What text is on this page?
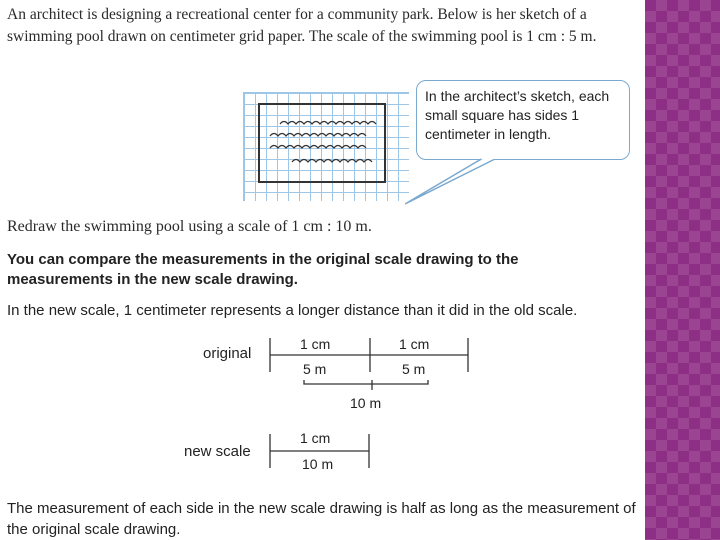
An architect is designing a recreational center for a community park. Below is her sketch of a swimming pool drawn on centimeter grid paper. The scale of the swimming pool is 1 cm : 5 m.

In the architect’s sketch, each small square has sides 1 centimeter in length.

Redraw the swimming pool using a scale of 1 cm : 10 m.

You can compare the measurements in the original scale drawing to the measurements in the new scale drawing.

In the new scale, 1 centimeter represents a longer distance than it did in the old scale.

original
1 cm	1 cm
5 m	5 m
10 m
new scale
1 cm
10 m

The measurement of each side in the new scale drawing is half as long as the measurement of the original scale drawing.
